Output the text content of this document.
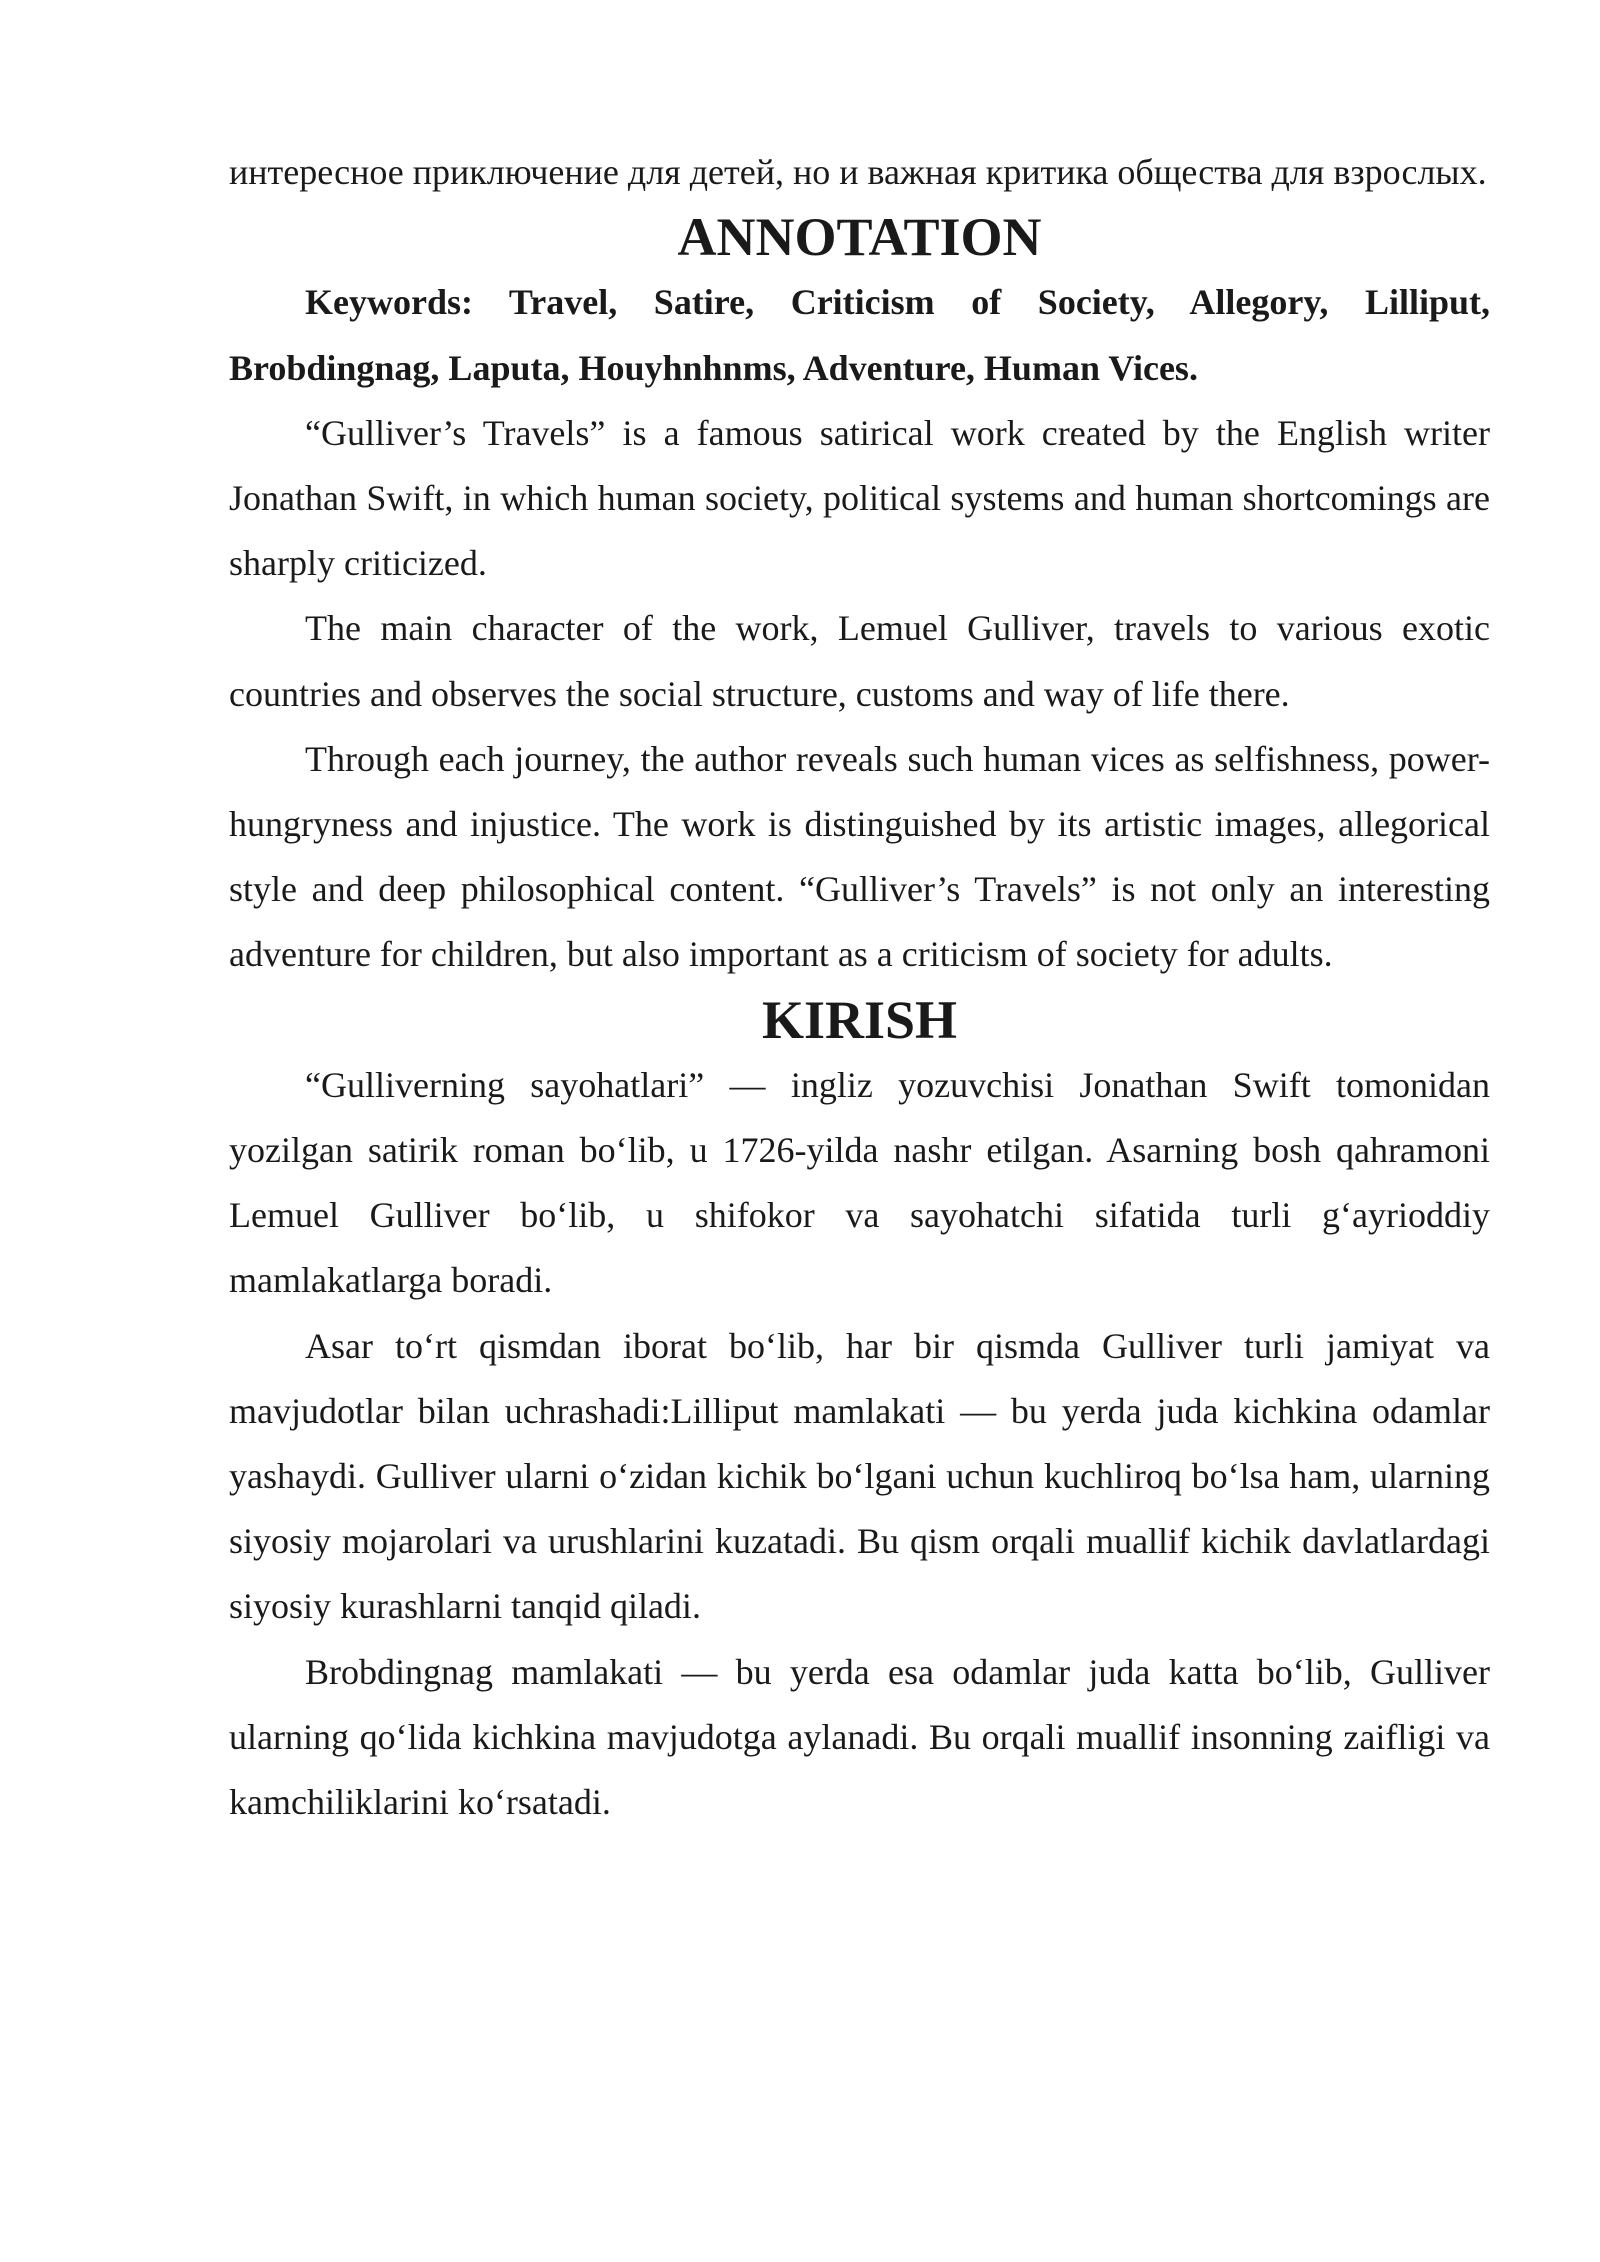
интересное приключение для детей, но и важная критика общества для взрослых.

ANNOTATION

Keywords: Travel, Satire, Criticism of Society, Allegory, Lilliput, Brobdingnag, Laputa, Houyhnhnms, Adventure, Human Vices.

“Gulliver’s Travels” is a famous satirical work created by the English writer Jonathan Swift, in which human society, political systems and human shortcomings are sharply criticized.

The main character of the work, Lemuel Gulliver, travels to various exotic countries and observes the social structure, customs and way of life there.

Through each journey, the author reveals such human vices as selfishness, power-hungryness and injustice. The work is distinguished by its artistic images, allegorical style and deep philosophical content. “Gulliver’s Travels” is not only an interesting adventure for children, but also important as a criticism of society for adults.

KIRISH

“Gulliverning sayohatlari” — ingliz yozuvchisi Jonathan Swift tomonidan yozilgan satirik roman boʻlib, u 1726-yilda nashr etilgan. Asarning bosh qahramoni Lemuel Gulliver boʻlib, u shifokor va sayohatchi sifatida turli gʻayrioddiy mamlakatlarga boradi.

Asar toʻrt qismdan iborat boʻlib, har bir qismda Gulliver turli jamiyat va mavjudotlar bilan uchrashadi:Lilliput mamlakati — bu yerda juda kichkina odamlar yashaydi. Gulliver ularni oʻzidan kichik boʻlgani uchun kuchliroq boʻlsa ham, ularning siyosiy mojarolari va urushlarini kuzatadi. Bu qism orqali muallif kichik davlatlardagi siyosiy kurashlarni tanqid qiladi.

Brobdingnag mamlakati — bu yerda esa odamlar juda katta boʻlib, Gulliver ularning qoʻlida kichkina mavjudotga aylanadi. Bu orqali muallif insonning zaifligi va kamchiliklarini koʻrsatadi.
